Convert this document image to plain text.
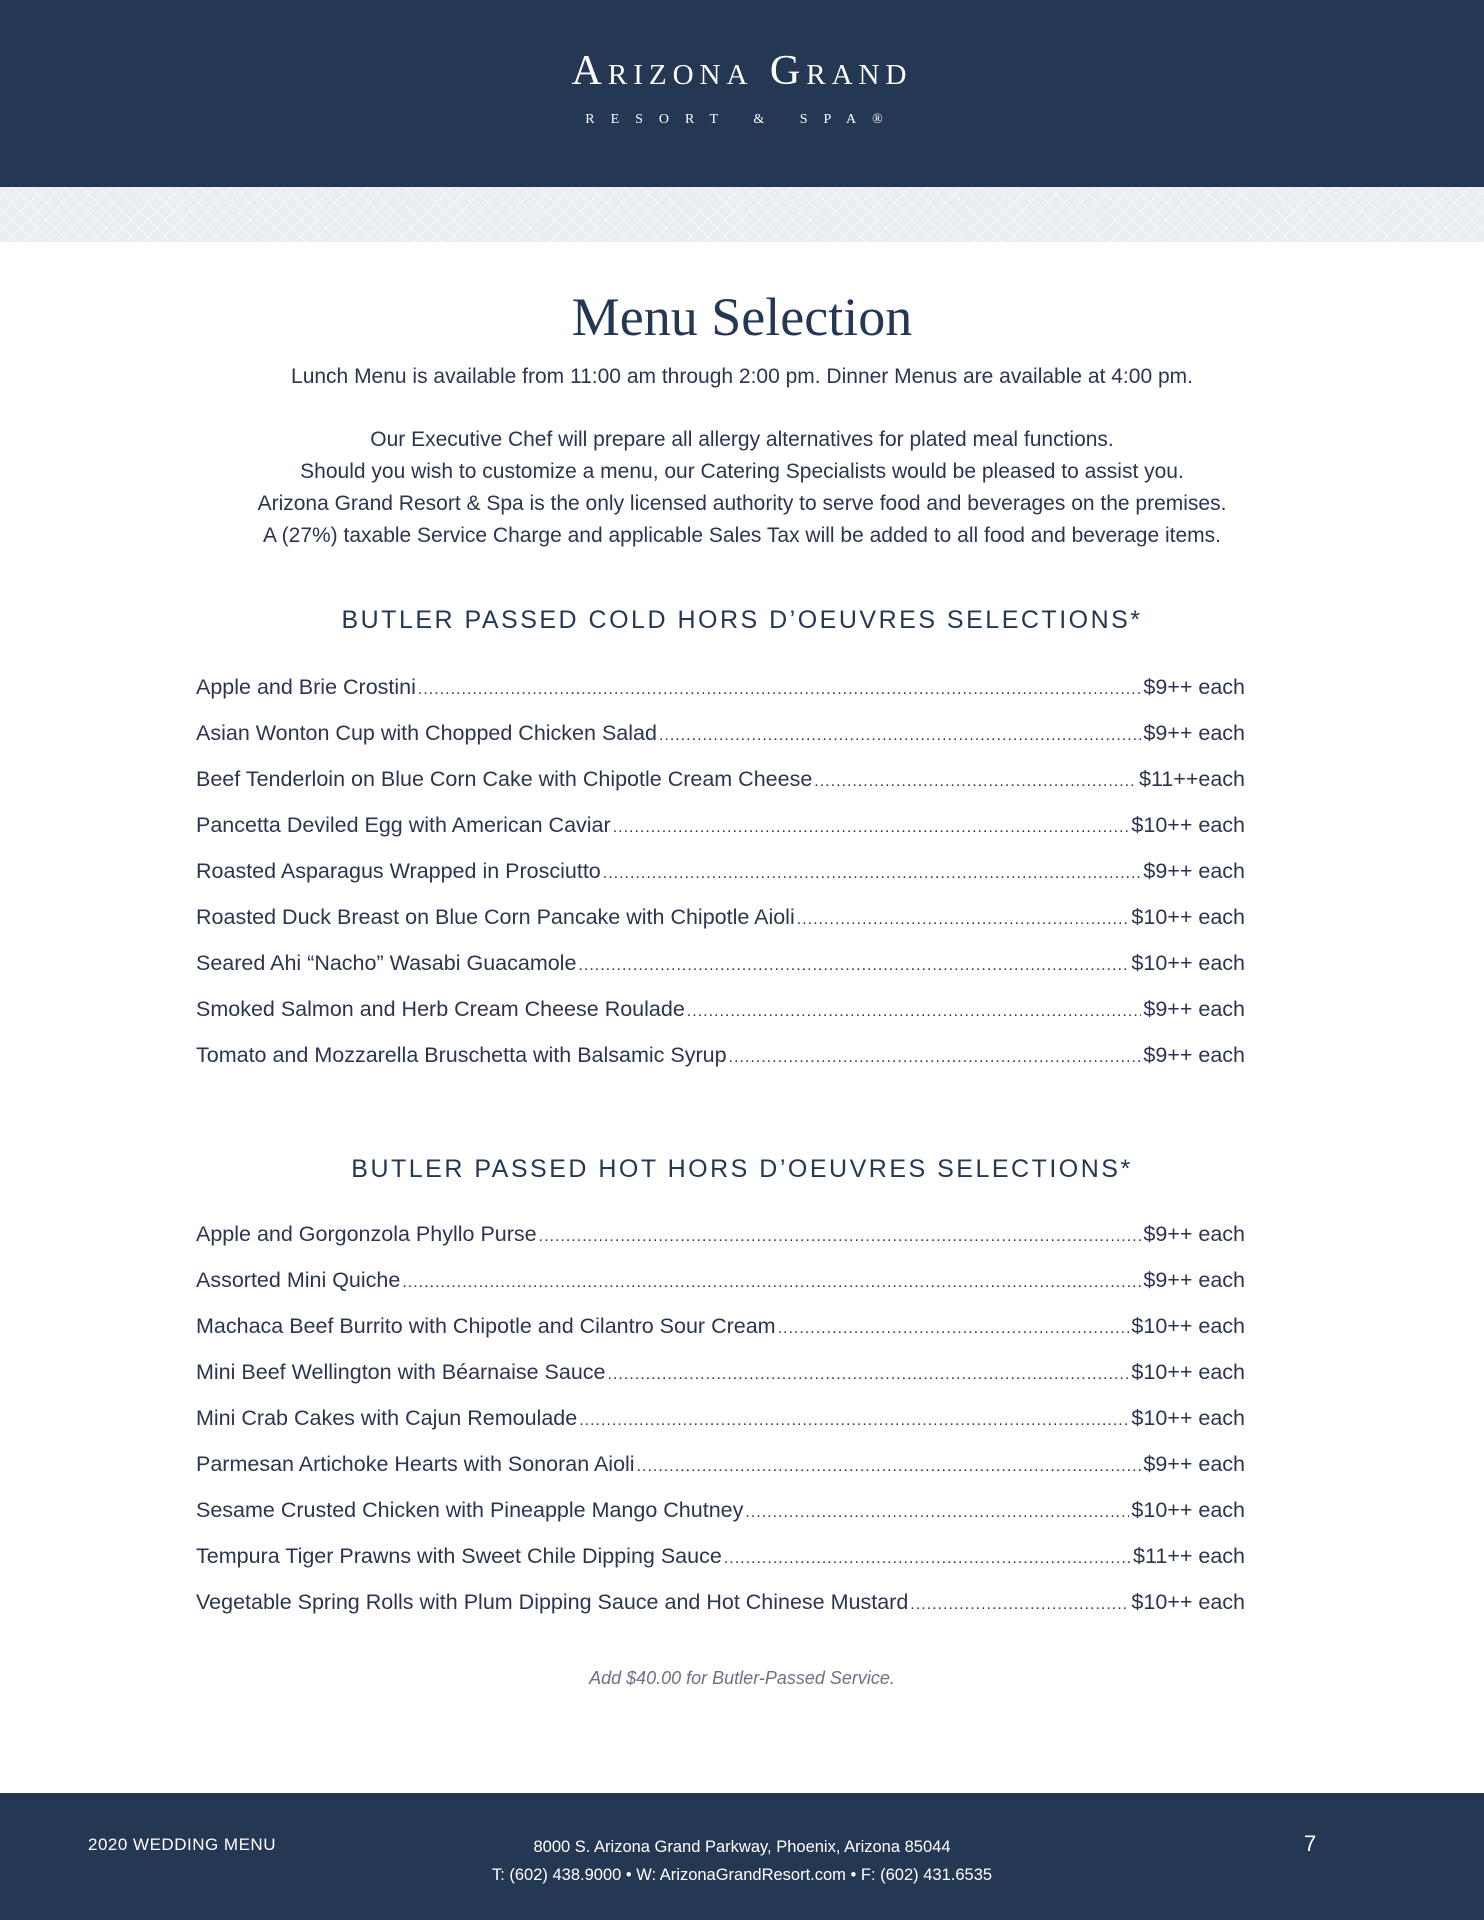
Arizona Grand
RESORT & SPA®
Menu Selection
Lunch Menu is available from 11:00 am through 2:00 pm. Dinner Menus are available at 4:00 pm.
Our Executive Chef will prepare all allergy alternatives for plated meal functions.
Should you wish to customize a menu, our Catering Specialists would be pleased to assist you.
Arizona Grand Resort & Spa is the only licensed authority to serve food and beverages on the premises.
A (27%) taxable Service Charge and applicable Sales Tax will be added to all food and beverage items.
BUTLER PASSED COLD HORS D’OEUVRES SELECTIONS*
Apple and Brie Crostini .....	$9++ each
Asian Wonton Cup with Chopped Chicken Salad .....	$9++ each
Beef Tenderloin on Blue Corn Cake with Chipotle Cream Cheese .....	$11++each
Pancetta Deviled Egg with American Caviar .....	$10++ each
Roasted Asparagus Wrapped in Prosciutto .....	$9++ each
Roasted Duck Breast on Blue Corn Pancake with Chipotle Aioli .....	$10++ each
Seared Ahi “Nacho” Wasabi Guacamole .....	$10++ each
Smoked Salmon and Herb Cream Cheese Roulade .....	$9++ each
Tomato and Mozzarella Bruschetta with Balsamic Syrup .....	$9++ each
BUTLER PASSED HOT HORS D’OEUVRES SELECTIONS*
Apple and Gorgonzola Phyllo Purse .....	$9++ each
Assorted Mini Quiche .....	$9++ each
Machaca Beef Burrito with Chipotle and Cilantro Sour Cream .....	$10++ each
Mini Beef Wellington with Béarnaise Sauce .....	$10++ each
Mini Crab Cakes with Cajun Remoulade .....	$10++ each
Parmesan Artichoke Hearts with Sonoran Aioli .....	$9++ each
Sesame Crusted Chicken with Pineapple Mango Chutney .....	$10++ each
Tempura Tiger Prawns with Sweet Chile Dipping Sauce .....	$11++ each
Vegetable Spring Rolls with Plum Dipping Sauce and Hot Chinese Mustard .....	$10++ each
Add $40.00 for Butler-Passed Service.
2020 WEDDING MENU	8000 S. Arizona Grand Parkway, Phoenix, Arizona 85044
T: (602) 438.9000 • W: ArizonaGrandResort.com • F: (602) 431.6535
7
